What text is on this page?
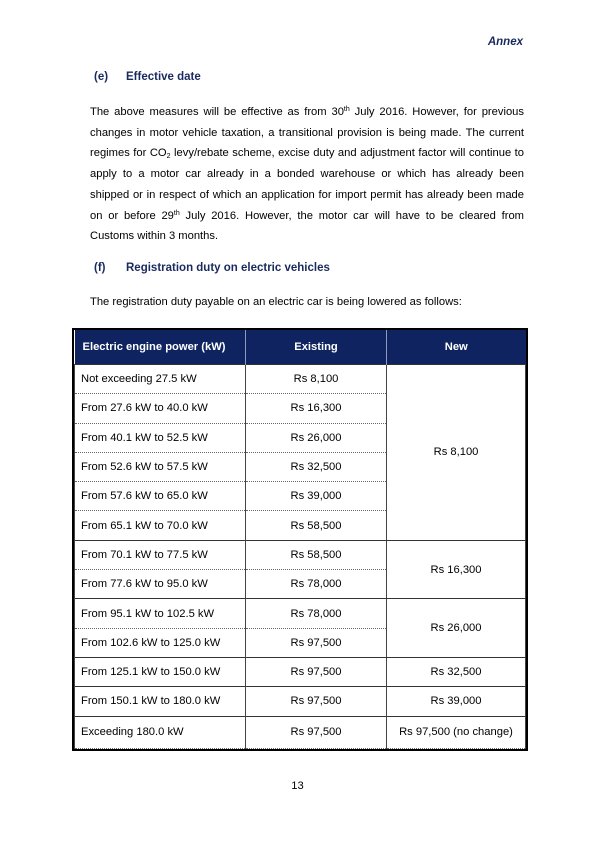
Annex
(e) Effective date
The above measures will be effective as from 30th July 2016. However, for previous changes in motor vehicle taxation, a transitional provision is being made. The current regimes for $CO_2$ levy/rebate scheme, excise duty and adjustment factor will continue to apply to a motor car already in a bonded warehouse or which has already been shipped or in respect of which an application for import permit has already been made on or before 29th July 2016. However, the motor car will have to be cleared from Customs within 3 months.
(f) Registration duty on electric vehicles
The registration duty payable on an electric car is being lowered as follows:
Electric engine power (kW)	Existing	New
Not exceeding 27.5 kW	Rs 8,100	Rs 8,100
From 27.6 kW to 40.0 kW	Rs 16,300	
From 40.1 kW to 52.5 kW	Rs 26,000	
From 52.6 kW to 57.5 kW	Rs 32,500	
From 57.6 kW to 65.0 kW	Rs 39,000	
From 65.1 kW to 70.0 kW	Rs 58,500	
From 70.1 kW to 77.5 kW	Rs 58,500	Rs 16,300
From 77.6 kW to 95.0 kW	Rs 78,000	
From 95.1 kW to 102.5 kW	Rs 78,000	Rs 26,000
From 102.6 kW to 125.0 kW	Rs 97,500	
From 125.1 kW to 150.0 kW	Rs 97,500	Rs 32,500
From 150.1 kW to 180.0 kW	Rs 97,500	Rs 39,000
Exceeding 180.0 kW	Rs 97,500	Rs 97,500 (no change)
13
